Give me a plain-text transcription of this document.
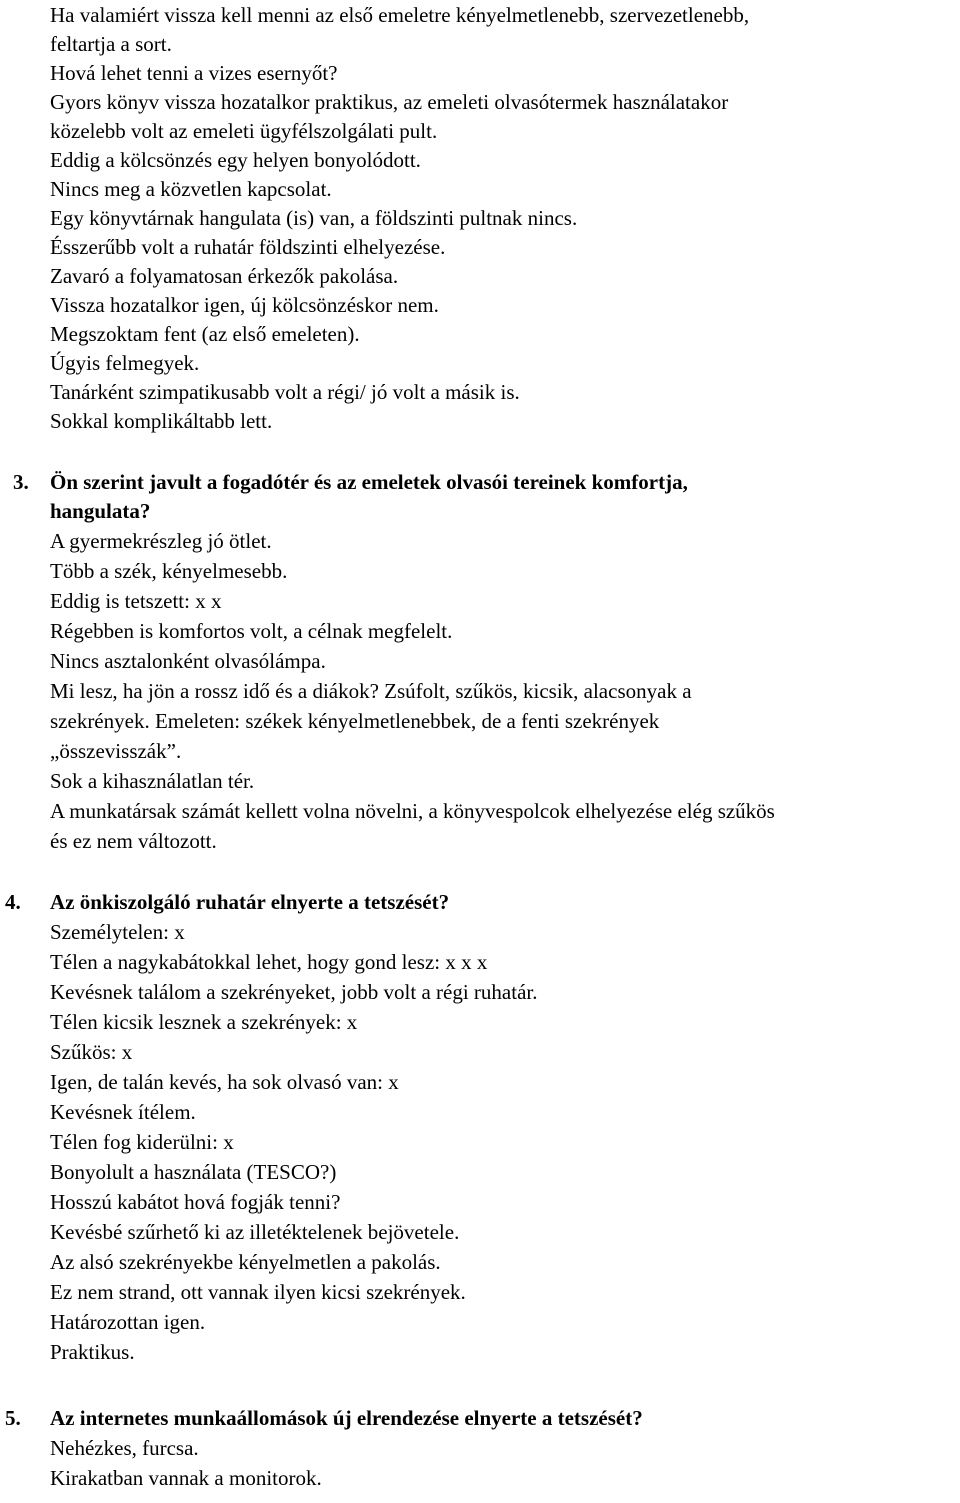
Ha valamiért vissza kell menni az első emeletre kényelmetlenebb, szervezetlenebb,
feltartja a sort.
Hová lehet tenni a vizes esernyőt?
Gyors könyv vissza hozatalkor praktikus, az emeleti olvasótermek használatakor
közelebb volt az emeleti ügyfélszolgálati pult.
Eddig a kölcsönzés egy helyen bonyolódott.
Nincs meg a közvetlen kapcsolat.
Egy könyvtárnak hangulata (is) van, a földszinti pultnak nincs.
Ésszerűbb volt a ruhatár földszinti elhelyezése.
Zavaró a folyamatosan érkezők pakolása.
Vissza hozatalkor igen, új kölcsönzéskor nem.
Megszoktam fent (az első emeleten).
Úgyis felmegyek.
Tanárként szimpatikusabb volt a régi/ jó volt a másik is.
Sokkal komplikáltabb lett.
3. Ön szerint javult a fogadótér és az emeletek olvasói tereinek komfortja,
hangulata?
A gyermekrészleg jó ötlet.
Több a szék, kényelmesebb.
Eddig is tetszett: x x
Régebben is komfortos volt, a célnak megfelelt.
Nincs asztalonként olvasólámpa.
Mi lesz, ha jön a rossz idő és a diákok? Zsúfolt, szűkös, kicsik, alacsonyak a
szekrények. Emeleten: székek kényelmetlenebbek, de a fenti szekrények
„összevisszák”.
Sok a kihasználatlan tér.
A munkatársak számát kellett volna növelni, a könyvespolcok elhelyezése elég szűkös
és ez nem változott.
4. Az önkiszolgáló ruhatár elnyerte a tetszését?
Személytelen: x
Télen a nagykabátokkal lehet, hogy gond lesz: x x x
Kevésnek találom a szekrényeket, jobb volt a régi ruhatár.
Télen kicsik lesznek a szekrények: x
Szűkös: x
Igen, de talán kevés, ha sok olvasó van: x
Kevésnek ítélem.
Télen fog kiderülni: x
Bonyolult a használata (TESCO?)
Hosszú kabátot hová fogják tenni?
Kevésbé szűrhető ki az illetéktelenek bejövetele.
Az alsó szekrényekbe kényelmetlen a pakolás.
Ez nem strand, ott vannak ilyen kicsi szekrények.
Határozottan igen.
Praktikus.
5. Az internetes munkaállomások új elrendezése elnyerte a tetszését?
Nehézkes, furcsa.
Kirakatban vannak a monitorok.
